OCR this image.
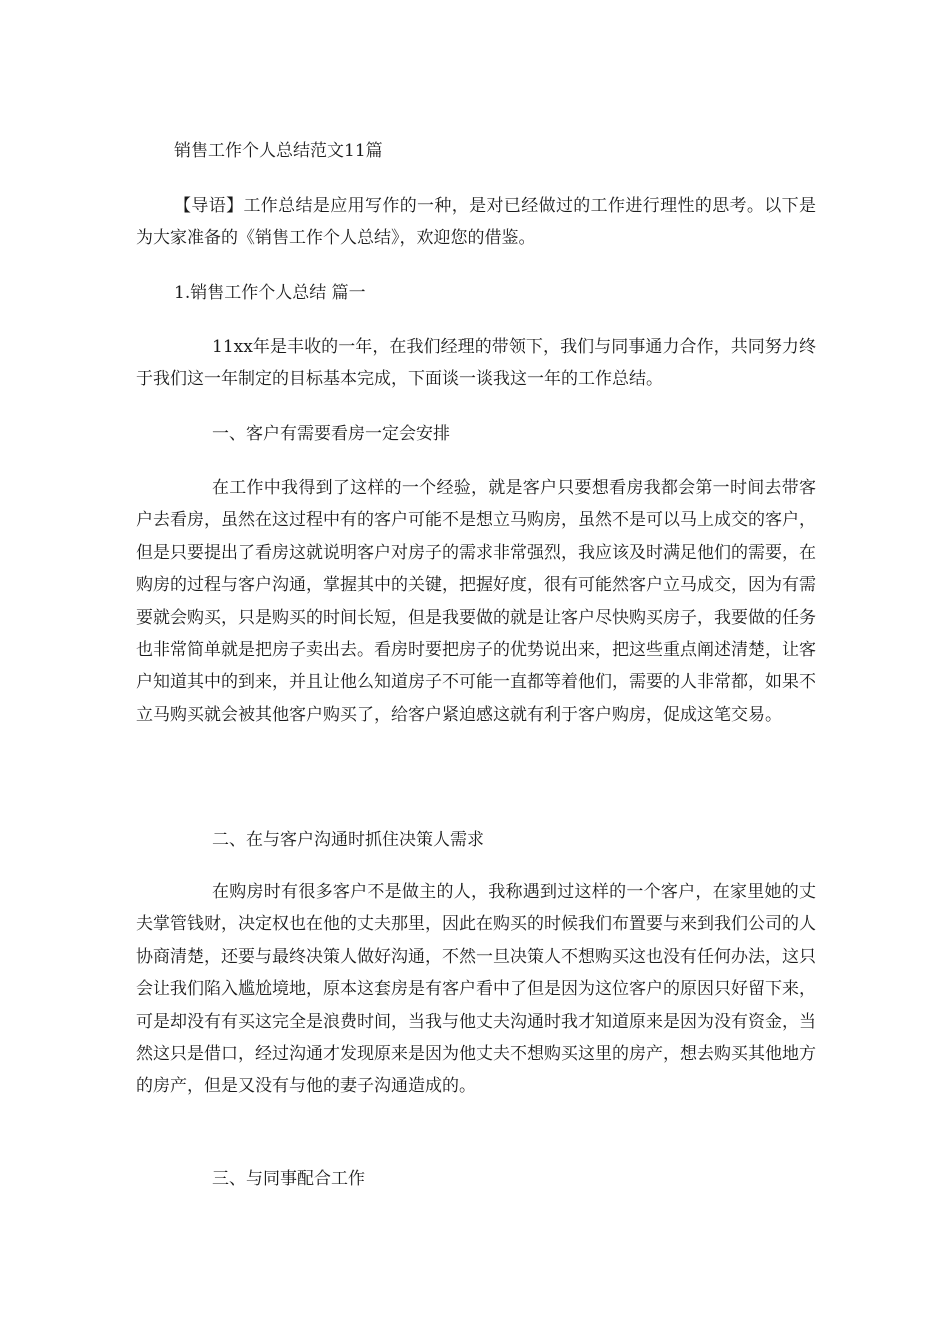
销售工作个人总结范文11篇

【导语】工作总结是应用写作的一种，是对已经做过的工作进行理性的思考。以下是为大家准备的《销售工作个人总结》，欢迎您的借鉴。

1.销售工作个人总结 篇一

11xx年是丰收的一年，在我们经理的带领下，我们与同事通力合作，共同努力终于我们这一年制定的目标基本完成，下面谈一谈我这一年的工作总结。

一、客户有需要看房一定会安排

在工作中我得到了这样的一个经验，就是客户只要想看房我都会第一时间去带客户去看房，虽然在这过程中有的客户可能不是想立马购房，虽然不是可以马上成交的客户，但是只要提出了看房这就说明客户对房子的需求非常强烈，我应该及时满足他们的需要，在购房的过程与客户沟通，掌握其中的关键，把握好度，很有可能然客户立马成交，因为有需要就会购买，只是购买的时间长短，但是我要做的就是让客户尽快购买房子，我要做的任务也非常简单就是把房子卖出去。看房时要把房子的优势说出来，把这些重点阐述清楚，让客户知道其中的到来，并且让他么知道房子不可能一直都等着他们，需要的人非常都，如果不立马购买就会被其他客户购买了，给客户紧迫感这就有利于客户购房，促成这笔交易。

二、在与客户沟通时抓住决策人需求

在购房时有很多客户不是做主的人，我称遇到过这样的一个客户，在家里她的丈夫掌管钱财，决定权也在他的丈夫那里，因此在购买的时候我们布置要与来到我们公司的人协商清楚，还要与最终决策人做好沟通，不然一旦决策人不想购买这也没有任何办法，这只会让我们陷入尴尬境地，原本这套房是有客户看中了但是因为这位客户的原因只好留下来，可是却没有有买这完全是浪费时间，当我与他丈夫沟通时我才知道原来是因为没有资金，当然这只是借口，经过沟通才发现原来是因为他丈夫不想购买这里的房产，想去购买其他地方的房产，但是又没有与他的妻子沟通造成的。

三、与同事配合工作
